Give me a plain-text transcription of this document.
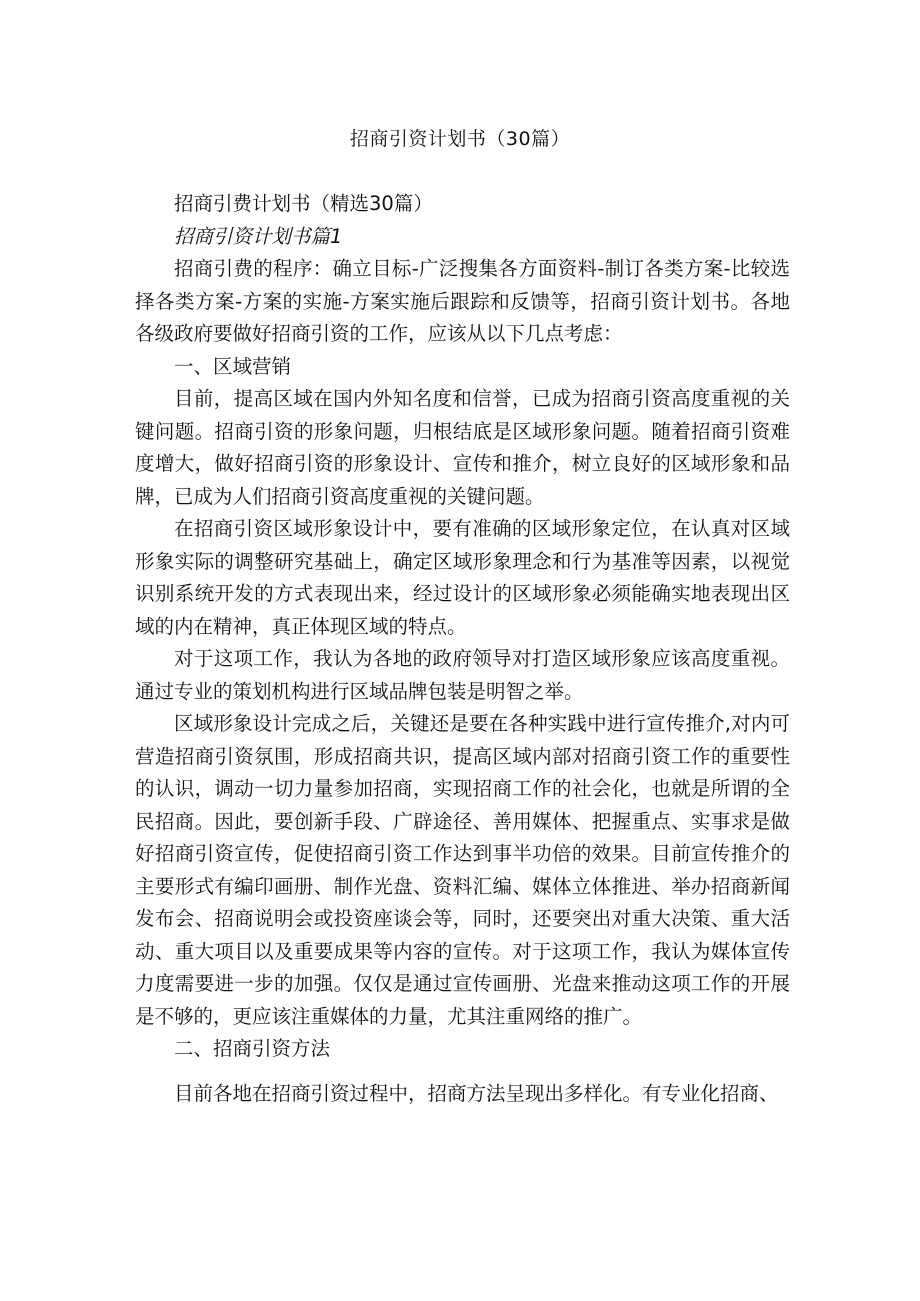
招商引资计划书（30篇）

招商引费计划书（精选30篇）

招商引资计划书篇1

招商引费的程序：确立目标-广泛搜集各方面资料-制订各类方案-比较选择各类方案-方案的实施-方案实施后跟踪和反馈等，招商引资计划书。各地各级政府要做好招商引资的工作，应该从以下几点考虑：

一、区域营销

目前，提高区域在国内外知名度和信誉，已成为招商引资高度重视的关键问题。招商引资的形象问题，归根结底是区域形象问题。随着招商引资难度增大，做好招商引资的形象设计、宣传和推介，树立良好的区域形象和品牌，已成为人们招商引资高度重视的关键问题。

在招商引资区域形象设计中，要有准确的区域形象定位，在认真对区域形象实际的调整研究基础上，确定区域形象理念和行为基准等因素，以视觉识别系统开发的方式表现出来，经过设计的区域形象必须能确实地表现出区域的内在精神，真正体现区域的特点。

对于这项工作，我认为各地的政府领导对打造区域形象应该高度重视。通过专业的策划机构进行区域品牌包装是明智之举。

区域形象设计完成之后，关键还是要在各种实践中进行宣传推介,对内可营造招商引资氛围，形成招商共识，提高区域内部对招商引资工作的重要性的认识，调动一切力量参加招商，实现招商工作的社会化，也就是所谓的全民招商。因此，要创新手段、广辟途径、善用媒体、把握重点、实事求是做好招商引资宣传，促使招商引资工作达到事半功倍的效果。目前宣传推介的主要形式有编印画册、制作光盘、资料汇编、媒体立体推进、举办招商新闻发布会、招商说明会或投资座谈会等，同时，还要突出对重大决策、重大活动、重大项目以及重要成果等内容的宣传。对于这项工作，我认为媒体宣传力度需要进一步的加强。仅仅是通过宣传画册、光盘来推动这项工作的开展是不够的，更应该注重媒体的力量，尤其注重网络的推广。

二、招商引资方法

目前各地在招商引资过程中，招商方法呈现出多样化。有专业化招商、
